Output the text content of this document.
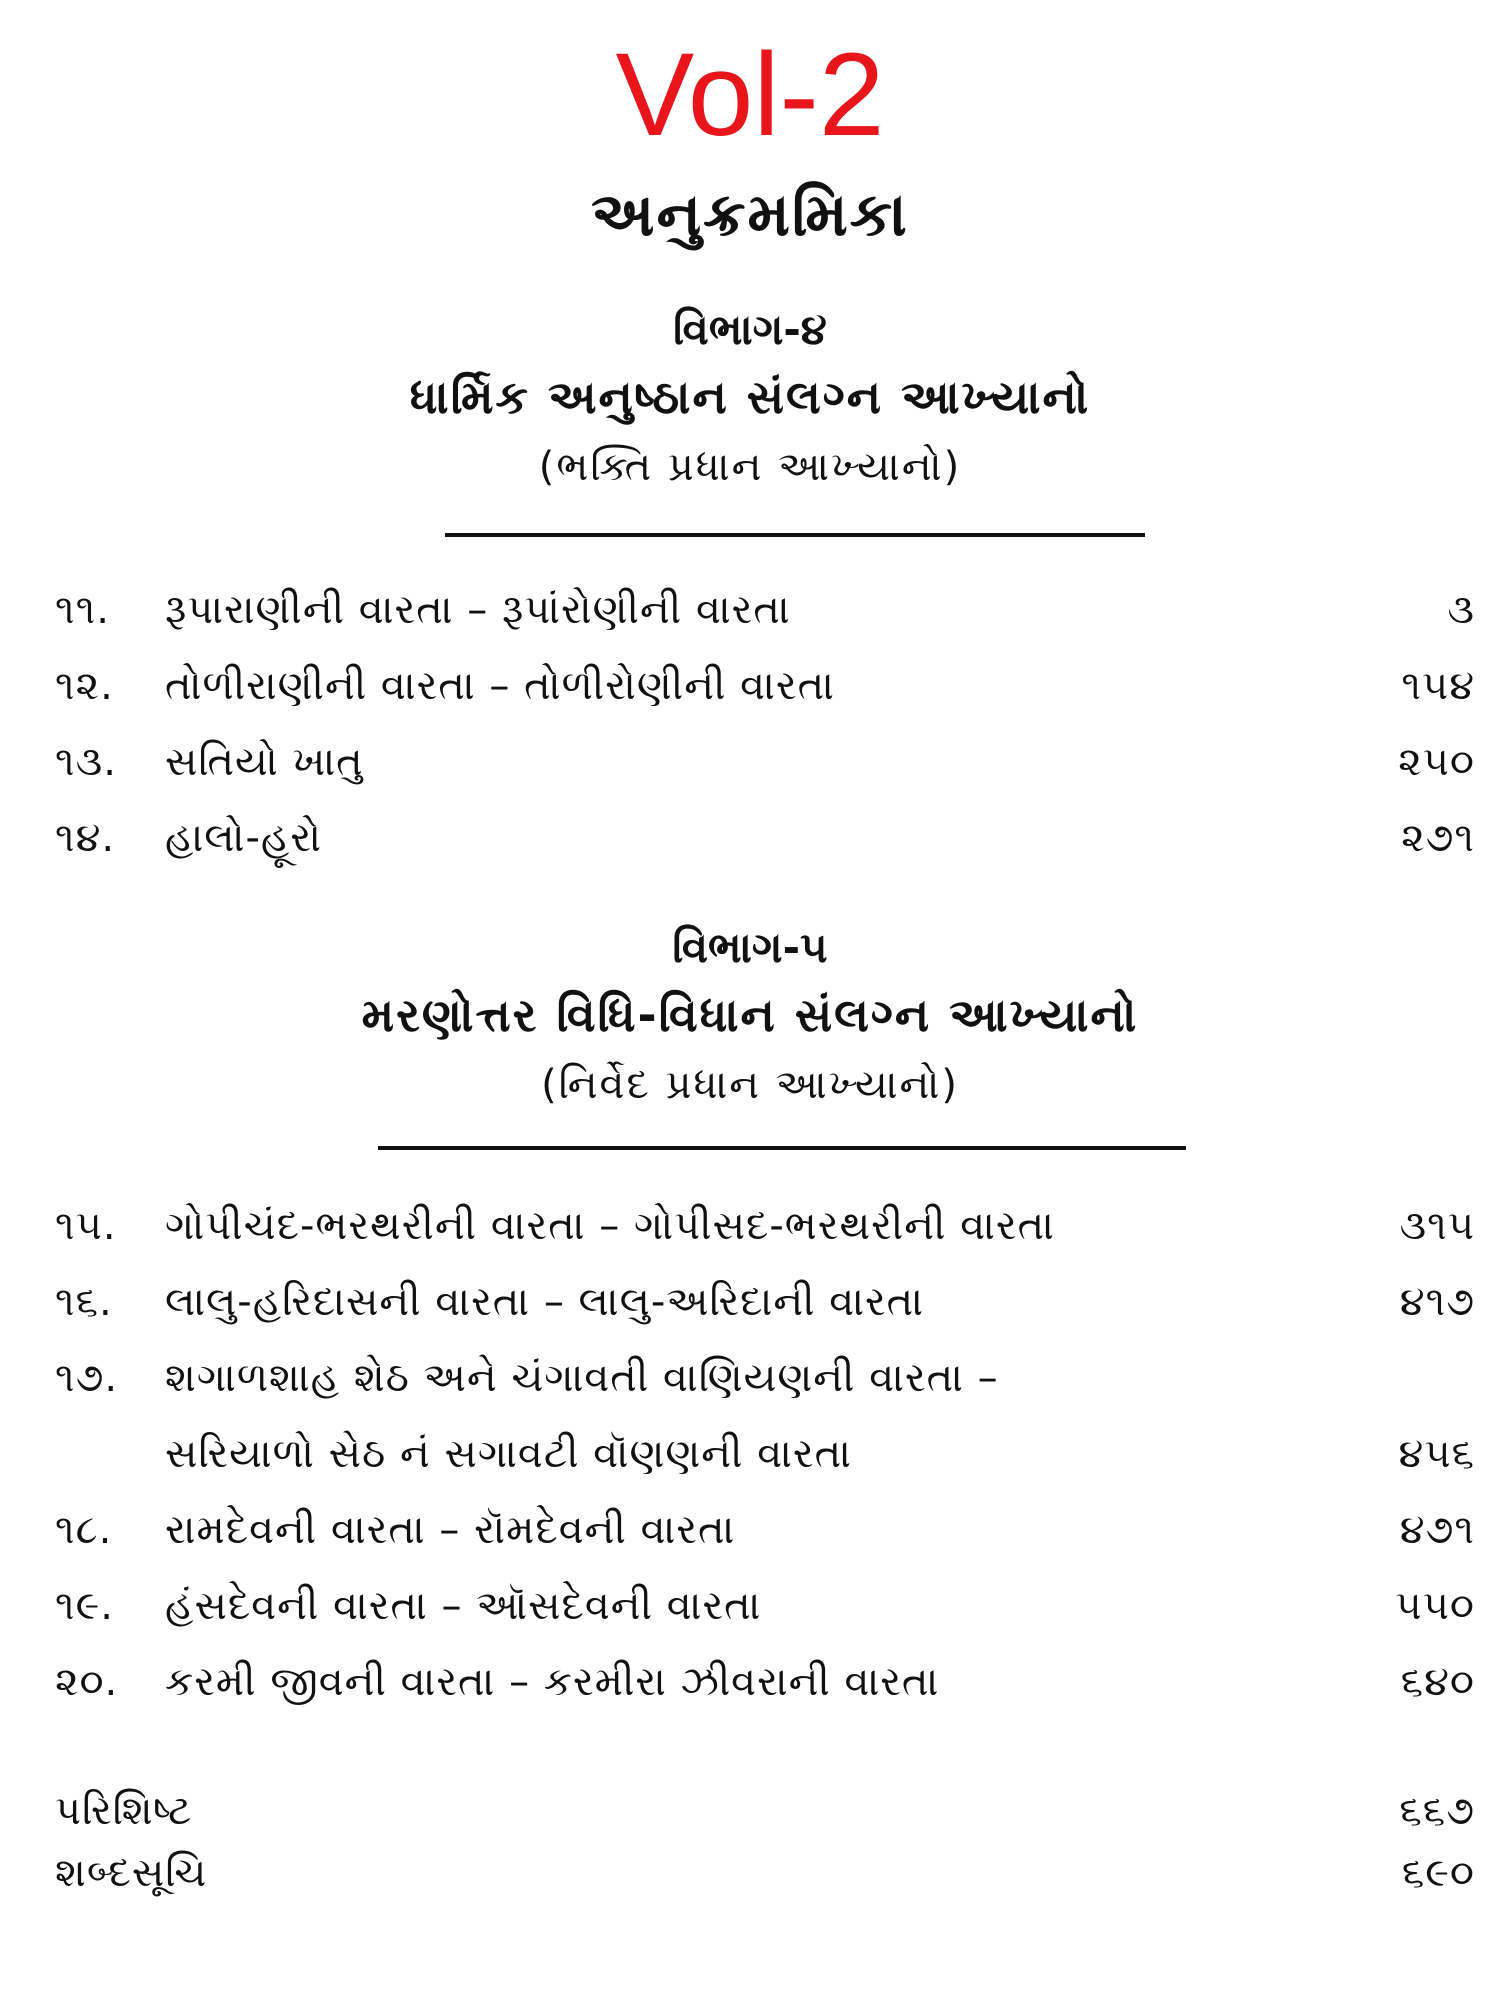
Vol-2
અનુક્રમમિકા
વિભાગ-૪
ધાર્મિક અનુષ્ઠાન સંલગ્ન આખ્યાનો
(ભક્તિ પ્રધાન આખ્યાનો)
૧૧.	રૂપારાણીની વારતા – રૂપાંરોણીની વારતા	૩
૧૨.	તોળીરાણીની વારતા – તોળીરોણીની વારતા	૧૫૪
૧૩.	સતિયો ખાતુ	૨૫૦
૧૪.	હાલો-હૂરો	૨૭૧
વિભાગ-૫
મરણોત્તર વિધિ-વિધાન સંલગ્ન આખ્યાનો
(નિર્વેદ પ્રધાન આખ્યાનો)
૧૫.	ગોપીચંદ-ભરથરીની વારતા – ગોપીસદ-ભરથરીની વારતા	૩૧૫
૧૬.	લાલુ-હરિદાસની વારતા – લાલુ-અરિદાની વારતા	૪૧૭
૧૭.	શગાળશાહ શેઠ અને ચંગાવતી વાણિયણની વારતા –
સરિયાળો સેઠ નં સગાવટી વૉણણની વારતા	૪૫૬
૧૮.	રામદેવની વારતા – રૉમદેવની વારતા	૪૭૧
૧૯.	હંસદેવની વારતા – ઑસદેવની વારતા	૫૫૦
૨૦.	કરમી જીવની વારતા – કરમીરા ઝીવરાની વારતા	૬૪૦
પરિશિષ્ટ	૬૬૭
શબ્દસૂચિ	૬૯૦
